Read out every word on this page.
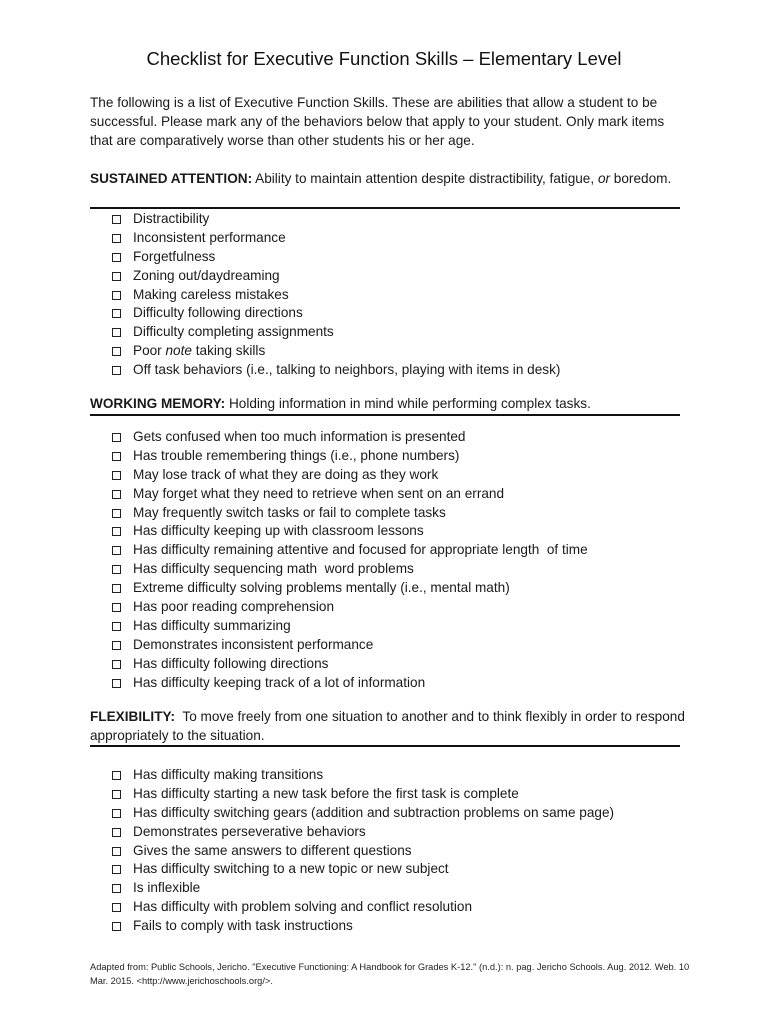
Checklist for Executive Function Skills – Elementary Level

The following is a list of Executive Function Skills. These are abilities that allow a student to be successful. Please mark any of the behaviors below that apply to your student. Only mark items that are comparatively worse than other students his or her age.

SUSTAINED ATTENTION: Ability to maintain attention despite distractibility, fatigue, or boredom.

Distractibility
Inconsistent performance
Forgetfulness
Zoning out/daydreaming
Making careless mistakes
Difficulty following directions
Difficulty completing assignments
Poor note taking skills
Off task behaviors (i.e., talking to neighbors, playing with items in desk)

WORKING MEMORY: Holding information in mind while performing complex tasks.

Gets confused when too much information is presented
Has trouble remembering things (i.e., phone numbers)
May lose track of what they are doing as they work
May forget what they need to retrieve when sent on an errand
May frequently switch tasks or fail to complete tasks
Has difficulty keeping up with classroom lessons
Has difficulty remaining attentive and focused for appropriate length  of time
Has difficulty sequencing math  word problems
Extreme difficulty solving problems mentally (i.e., mental math)
Has poor reading comprehension
Has difficulty summarizing
Demonstrates inconsistent performance
Has difficulty following directions
Has difficulty keeping track of a lot of information

FLEXIBILITY:  To move freely from one situation to another and to think flexibly in order to respond appropriately to the situation.

Has difficulty making transitions
Has difficulty starting a new task before the first task is complete
Has difficulty switching gears (addition and subtraction problems on same page)
Demonstrates perseverative behaviors
Gives the same answers to different questions
Has difficulty switching to a new topic or new subject
Is inflexible
Has difficulty with problem solving and conflict resolution
Fails to comply with task instructions

Adapted from: Public Schools, Jericho. "Executive Functioning: A Handbook for Grades K-12." (n.d.): n. pag. Jericho Schools. Aug. 2012. Web. 10 Mar. 2015. <http://www.jerichoschools.org/>.
